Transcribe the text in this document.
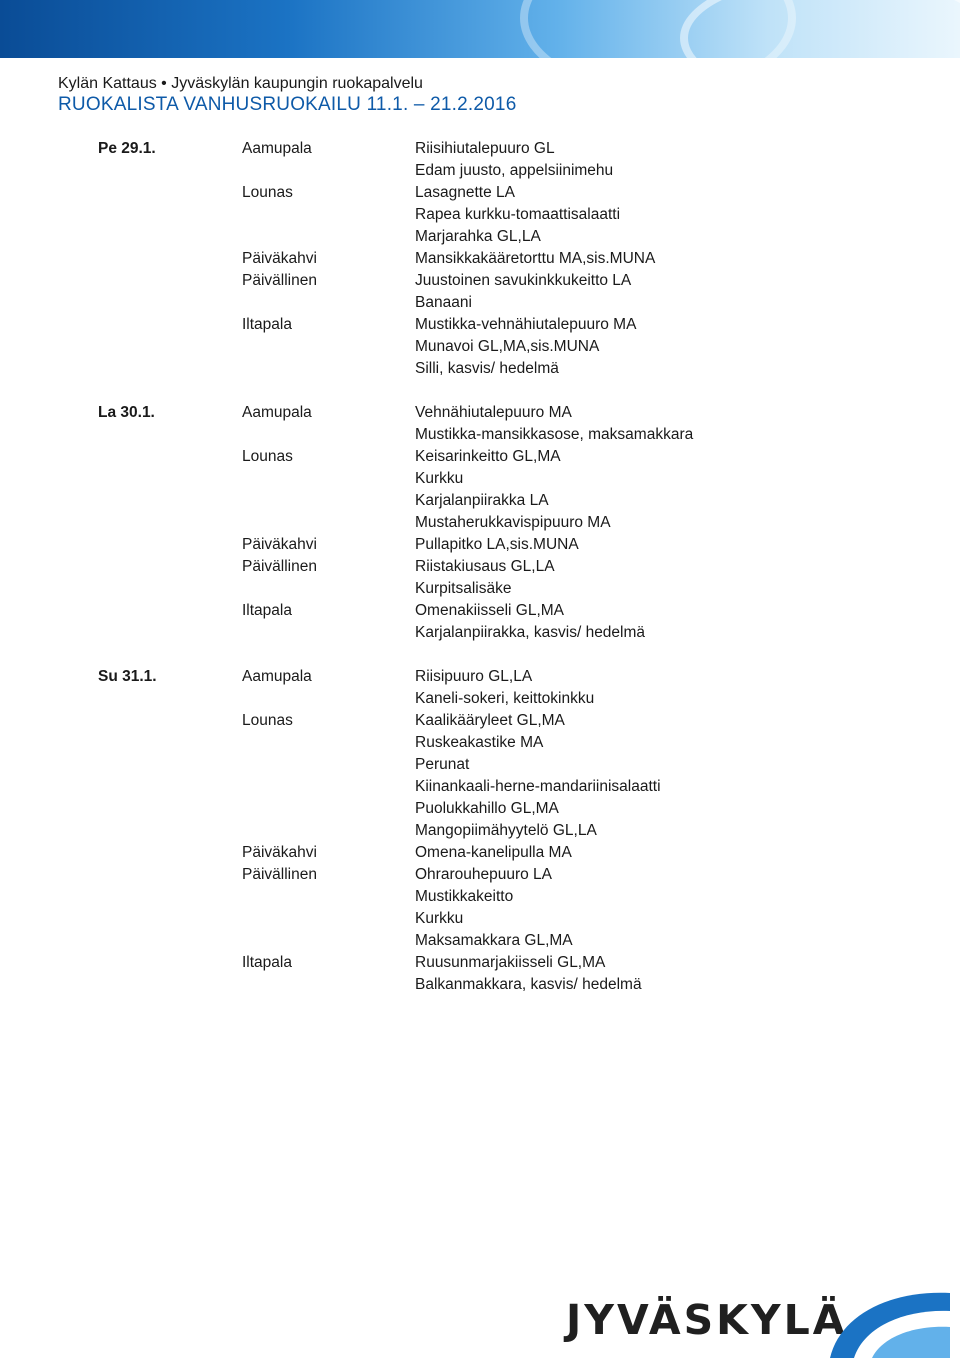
Kylän Kattaus • Jyväskylän kaupungin ruokapalvelu
RUOKALISTA VANHUSRUOKAILU 11.1. – 21.2.2016
Pe 29.1.	Aamupala	Riisihiutalepuuro GL
Edam juusto, appelsiinimehu
Lounas	Lasagnette LA
Rapea kurkku-tomaattisalaatti
Marjarahka GL,LA
Päiväkahvi	Mansikkakääretorttu MA,sis.MUNA
Päivällinen	Juustoinen savukinkkukeitto LA
Banaani
Iltapala	Mustikka-vehnähiutalepuuro MA
Munavoi GL,MA,sis.MUNA
Silli, kasvis/ hedelmä
La 30.1.	Aamupala	Vehnähiutalepuuro MA
Mustikka-mansikkasose, maksamakkara
Lounas	Keisarinkeitto GL,MA
Kurkku
Karjalanpiirakka LA
Mustaherukkavispipuuro MA
Päiväkahvi	Pullapitko LA,sis.MUNA
Päivällinen	Riistakiusaus GL,LA
Kurpitsalisäke
Iltapala	Omenakiisseli GL,MA
Karjalanpiirakka, kasvis/ hedelmä
Su 31.1.	Aamupala	Riisipuuro GL,LA
Kaneli-sokeri, keittokinkku
Lounas	Kaalikääryleet GL,MA
Ruskeakastike MA
Perunat
Kiinankaali-herne-mandariinisalaatti
Puolukkahillo GL,MA
Mangopiimähyytelö GL,LA
Päiväkahvi	Omena-kanelipulla MA
Päivällinen	Ohrarouhepuuro LA
Mustikkakeitto
Kurkku
Maksamakkara GL,MA
Iltapala	Ruusunmarjakiisseli GL,MA
Balkanmakkara, kasvis/ hedelmä
JYVÄSKYLÄ
